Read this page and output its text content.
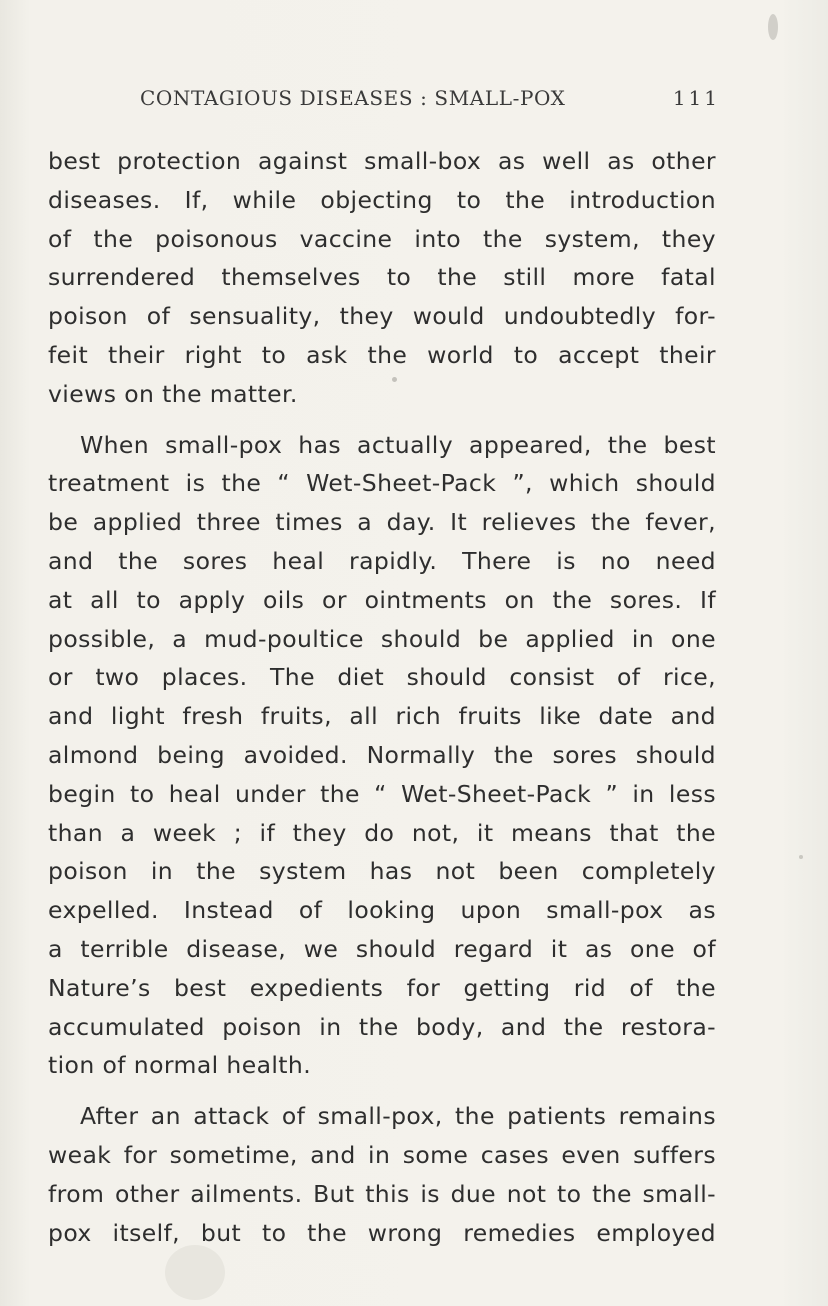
CONTAGIOUS DISEASES : SMALL-POX	111
best protection against small-box as well as other
diseases. If, while objecting to the introduction
of the poisonous vaccine into the system, they
surrendered themselves to the still more fatal
poison of sensuality, they would undoubtedly for-
feit their right to ask the world to accept their
views on the matter.
When small-pox has actually appeared, the best
treatment is the “ Wet-Sheet-Pack ”, which should
be applied three times a day. It relieves the fever,
and the sores heal rapidly. There is no need
at all to apply oils or ointments on the sores. If
possible, a mud-poultice should be applied in one
or two places. The diet should consist of rice,
and light fresh fruits, all rich fruits like date and
almond being avoided. Normally the sores should
begin to heal under the “ Wet-Sheet-Pack ” in less
than a week ; if they do not, it means that the
poison in the system has not been completely
expelled. Instead of looking upon small-pox as
a terrible disease, we should regard it as one of
Nature’s best expedients for getting rid of the
accumulated poison in the body, and the restora-
tion of normal health.
After an attack of small-pox, the patients remains
weak for sometime, and in some cases even suffers
from other ailments. But this is due not to the small-
pox itself, but to the wrong remedies employed
